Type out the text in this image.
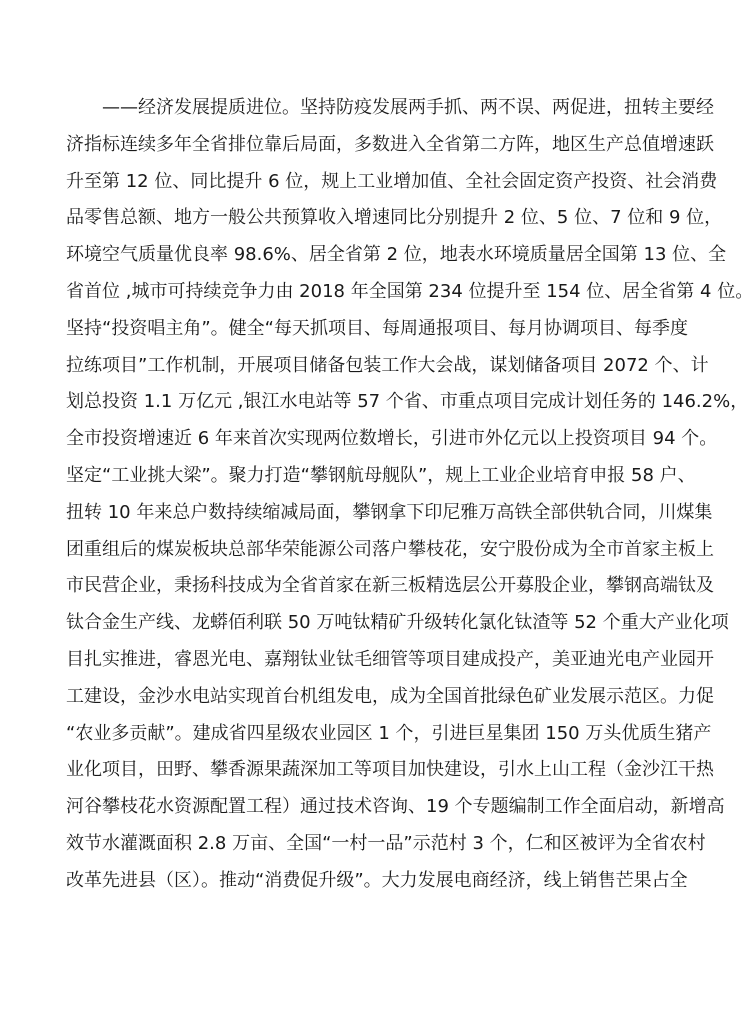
　　——经济发展提质进位。坚持防疫发展两手抓、两不误、两促进，扭转主要经
济指标连续多年全省排位靠后局面，多数进入全省第二方阵，地区生产总值增速跃
升至第 12 位、同比提升 6 位，规上工业增加值、全社会固定资产投资、社会消费
品零售总额、地方一般公共预算收入增速同比分别提升 2 位、5 位、7 位和 9 位，
环境空气质量优良率 98.6%、居全省第 2 位，地表水环境质量居全国第 13 位、全
省首位 ,城市可持续竞争力由 2018 年全国第 234 位提升至 154 位、居全省第 4 位。
坚持“投资唱主角”。健全“每天抓项目、每周通报项目、每月协调项目、每季度
拉练项目”工作机制，开展项目储备包装工作大会战，谋划储备项目 2072 个、计
划总投资 1.1 万亿元 ,银江水电站等 57 个省、市重点项目完成计划任务的 146.2%，
全市投资增速近 6 年来首次实现两位数增长，引进市外亿元以上投资项目 94 个。
坚定“工业挑大梁”。聚力打造“攀钢航母舰队”，规上工业企业培育申报 58 户、
扭转 10 年来总户数持续缩减局面，攀钢拿下印尼雅万高铁全部供轨合同，川煤集
团重组后的煤炭板块总部华荣能源公司落户攀枝花，安宁股份成为全市首家主板上
市民营企业，秉扬科技成为全省首家在新三板精选层公开募股企业，攀钢高端钛及
钛合金生产线、龙蟒佰利联 50 万吨钛精矿升级转化氯化钛渣等 52 个重大产业化项
目扎实推进，睿恩光电、嘉翔钛业钛毛细管等项目建成投产，美亚迪光电产业园开
工建设，金沙水电站实现首台机组发电，成为全国首批绿色矿业发展示范区。力促
“农业多贡献”。建成省四星级农业园区 1 个，引进巨星集团 150 万头优质生猪产
业化项目，田野、攀香源果蔬深加工等项目加快建设，引水上山工程（金沙江干热
河谷攀枝花水资源配置工程）通过技术咨询、19 个专题编制工作全面启动，新增高
效节水灌溉面积 2.8 万亩、全国“一村一品”示范村 3 个，仁和区被评为全省农村
改革先进县（区）。推动“消费促升级”。大力发展电商经济，线上销售芒果占全
